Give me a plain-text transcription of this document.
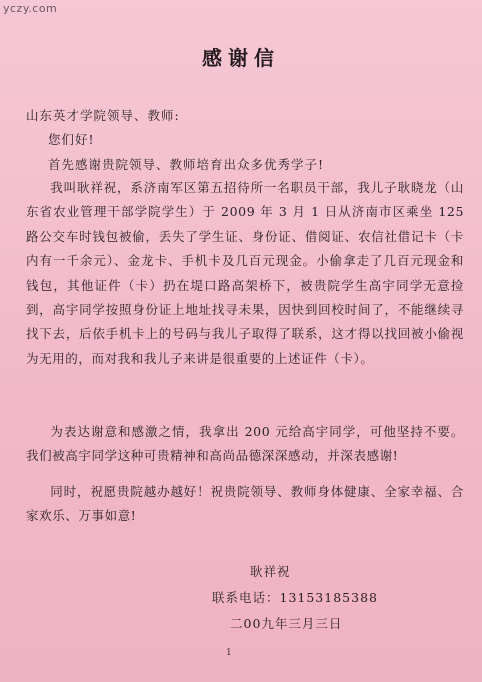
yczy.com
感谢信
山东英才学院领导、教师:
您们好!
首先感谢贵院领导、教师培育出众多优秀学子!

我叫耿祥祝，系济南军区第五招待所一名职员干部，我儿子耿晓龙（山东省农业管理干部学院学生）于 2009 年 3 月 1 日从济南市区乘坐 125 路公交车时钱包被偷，丢失了学生证、身份证、借阅证、农信社借记卡（卡内有一千余元）、金龙卡、手机卡及几百元现金。小偷拿走了几百元现金和钱包，其他证件（卡）扔在堤口路高架桥下，被贵院学生高宇同学无意捡到，高宇同学按照身份证上地址找寻未果，因快到回校时间了，不能继续寻找下去，后依手机卡上的号码与我儿子取得了联系，这才得以找回被小偷视为无用的，而对我和我儿子来讲是很重要的上述证件（卡）。

为表达谢意和感激之情，我拿出 200 元给高宇同学，可他坚持不要。我们被高宇同学这种可贵精神和高尚品德深深感动，并深表感谢!

同时，祝愿贵院越办越好！祝贵院领导、教师身体健康、全家幸福、合家欢乐、万事如意!

耿祥祝
联系电话：13153185388
二00九年三月三日
1
